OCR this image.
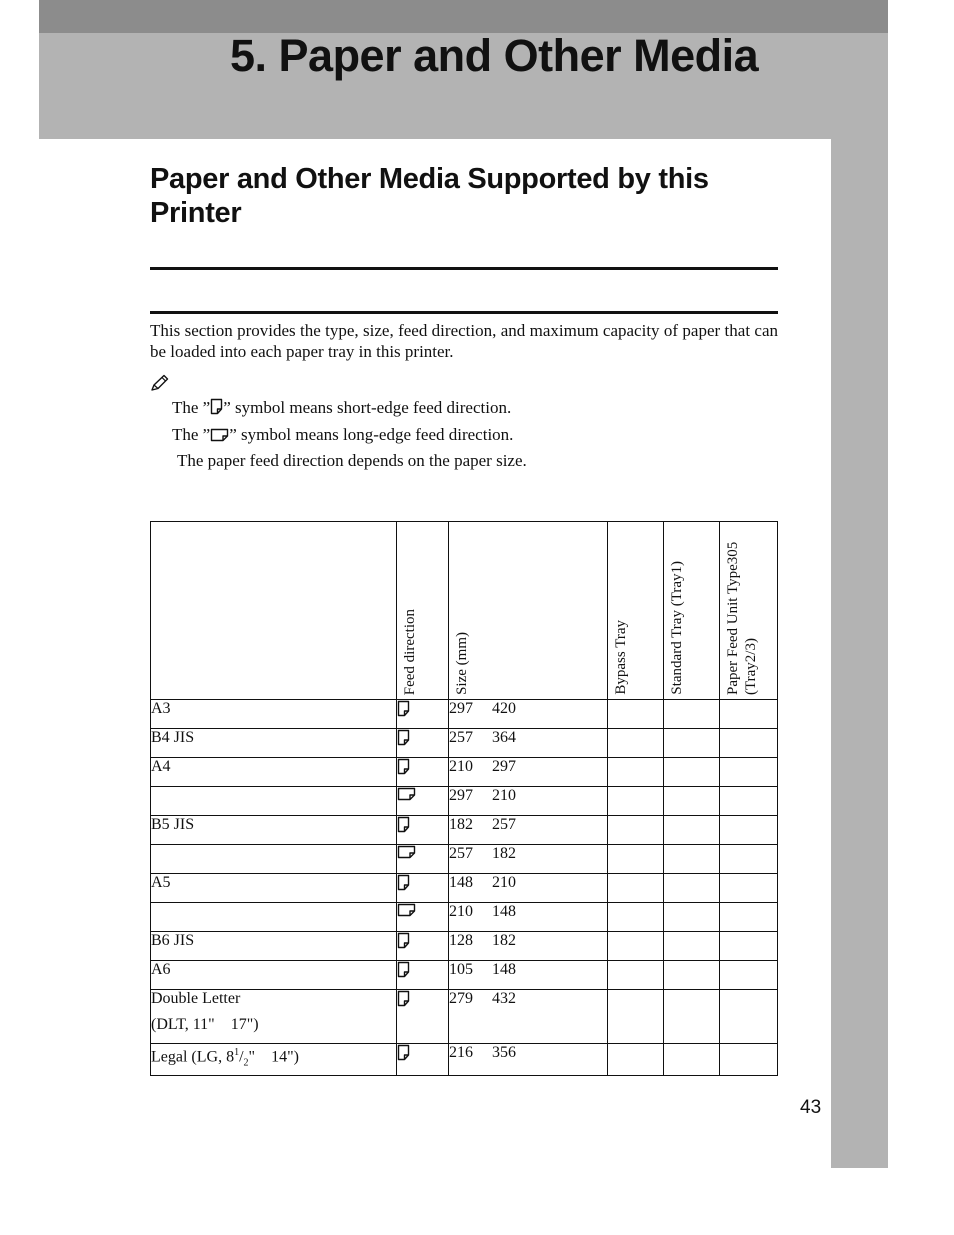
5. Paper and Other Media
Paper and Other Media Supported by this Printer

This section provides the type, size, feed direction, and maximum capacity of paper that can be loaded into each paper tray in this printer.

The ” ” symbol means short-edge feed direction.

The ” ” symbol means long-edge feed direction.

The paper feed direction depends on the paper size.

	Feed direction	Size (mm)	Bypass Tray	Standard Tray (Tray1)	Paper Feed Unit Type305 (Tray2/3)

A3		297 420			

B4 JIS		257 364			

A4		210 297			

		297 210			

B5 JIS		182 257			

		257 182			

A5		148 210			

		210 148			

B6 JIS		128 182			

A6		105 148			

Double Letter
(DLT, 11"    17")		279 432			
Legal (LG, $8^1/_2$"    14")		216 356			
43
